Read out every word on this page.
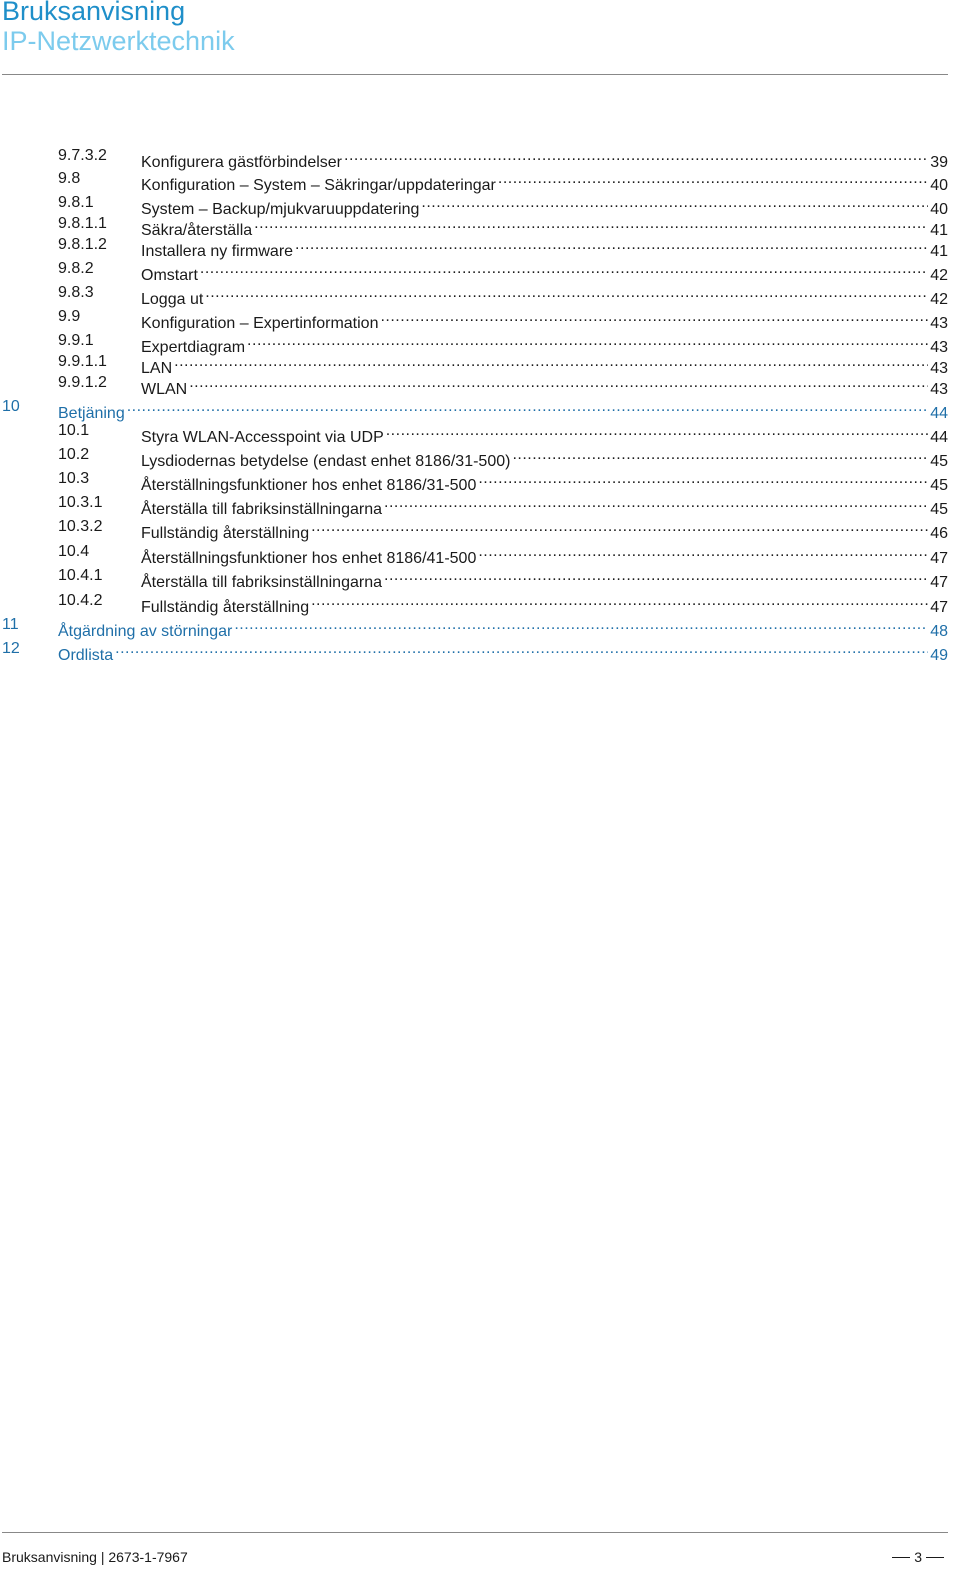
Bruksanvisning
IP-Netzwerktechnik
9.7.3.2 Konfigurera gästförbindelser .....	39
9.8	Konfiguration – System – Säkringar/uppdateringar .....	40
9.8.1	System – Backup/mjukvaruuppdatering .....	40
9.8.1.1 Säkra/återställa .....	41
9.8.1.2 Installera ny firmware .....	41
9.8.2	Omstart .....	42
9.8.3	Logga ut .....	42
9.9	Konfiguration – Expertinformation .....	43
9.9.1	Expertdiagram .....	43
9.9.1.1 LAN .....	43
9.9.1.2 WLAN .....	43
10 Betjäning .....	44
10.1	Styra WLAN-Accesspoint via UDP .....	44
10.2	Lysdiodernas betydelse (endast enhet 8186/31-500) .....	45
10.3	Återställningsfunktioner hos enhet 8186/31-500 .....	45
10.3.1 Återställa till fabriksinställningarna .....	45
10.3.2 Fullständig återställning .....	46
10.4	Återställningsfunktioner hos enhet 8186/41-500 .....	47
10.4.1 Återställa till fabriksinställningarna .....	47
10.4.2 Fullständig återställning .....	47
11 Åtgärdning av störningar .....	48
12 Ordlista .....	49
Bruksanvisning | 2673-1-7967	3
